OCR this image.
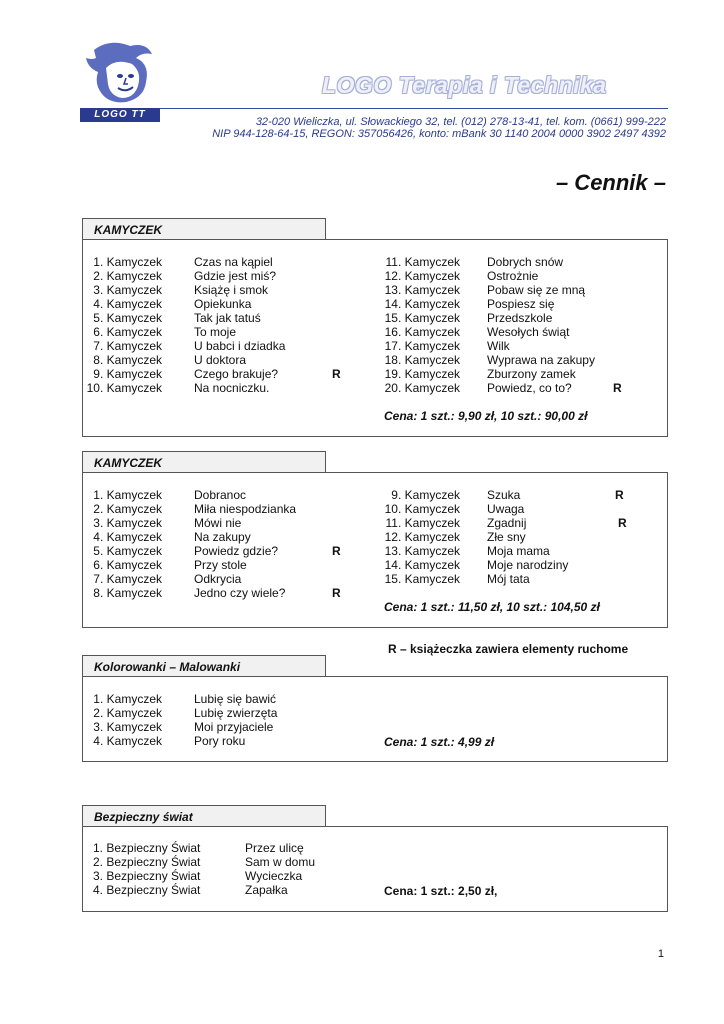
LOGO TT
LOGO Terapia i Technika
32-020 Wieliczka, ul. Słowackiego 32, tel. (012) 278-13-41, tel. kom. (0661) 999-222
NIP 944-128-64-15, REGON: 357056426, konto: mBank 30 1140 2004 0000 3902 2497 4392
– Cennik –
KAMYCZEK
1. Kamyczek	Czas na kąpiel
2. Kamyczek	Gdzie jest miś?
3. Kamyczek	Książę i smok
4. Kamyczek	Opiekunka
5. Kamyczek	Tak jak tatuś
6. Kamyczek	To moje
7. Kamyczek	U babci i dziadka
8. Kamyczek	U doktora
9. Kamyczek	Czego brakuje?	R
10. Kamyczek	Na nocniczku.
11. Kamyczek Dobrych snów
12. Kamyczek Ostrożnie
13. Kamyczek Pobaw się ze mną
14. Kamyczek Pospiesz się
15. Kamyczek Przedszkole
16. Kamyczek Wesołych świąt
17. Kamyczek Wilk
18. Kamyczek Wyprawa na zakupy
19. Kamyczek Zburzony zamek
20. Kamyczek Powiedz, co to?	R
Cena: 1 szt.: 9,90 zł, 10 szt.: 90,00 zł
KAMYCZEK
1. Kamyczek	Dobranoc
2. Kamyczek	Miła niespodzianka
3. Kamyczek	Mówi nie
4. Kamyczek	Na zakupy
5. Kamyczek	Powiedz gdzie?	R
6. Kamyczek	Przy stole
7. Kamyczek	Odkrycia
8. Kamyczek	Jedno czy wiele?	R
9. Kamyczek Szuka	R
10. Kamyczek Uwaga
11. Kamyczek Zgadnij	R
12. Kamyczek Złe sny
13. Kamyczek Moja mama
14. Kamyczek Moje narodziny
15. Kamyczek Mój tata
Cena: 1 szt.: 11,50 zł, 10 szt.: 104,50 zł
R – książeczka zawiera elementy ruchome
Kolorowanki – Malowanki
1. Kamyczek	Lubię się bawić
2. Kamyczek	Lubię zwierzęta
3. Kamyczek	Moi przyjaciele
4. Kamyczek	Pory roku	Cena: 1 szt.: 4,99 zł
Bezpieczny świat
1. Bezpieczny Świat	Przez ulicę
2. Bezpieczny Świat	Sam w domu
3. Bezpieczny Świat	Wycieczka
4. Bezpieczny Świat	Zapałka	Cena: 1 szt.: 2,50 zł,
1
